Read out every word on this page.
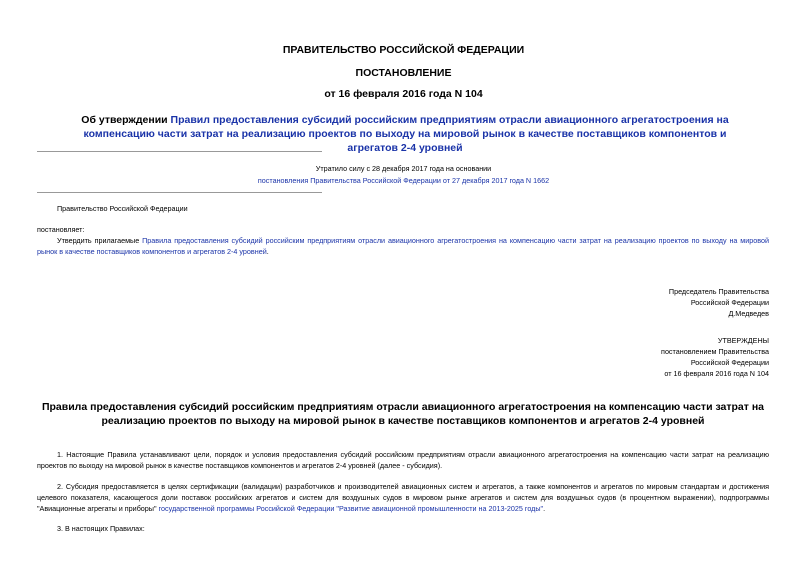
ПРАВИТЕЛЬСТВО РОССИЙСКОЙ ФЕДЕРАЦИИ
ПОСТАНОВЛЕНИЕ
от 16 февраля 2016 года N 104
Об утверждении Правил предоставления субсидий российским предприятиям отрасли авиационного агрегатостроения на компенсацию части затрат на реализацию проектов по выходу на мировой рынок в качестве поставщиков компонентов и агрегатов 2-4 уровней
Утратило силу с 28 декабря 2017 года на основании
постановления Правительства Российской Федерации от 27 декабря 2017 года N 1662
Правительство Российской Федерации
постановляет:
Утвердить прилагаемые Правила предоставления субсидий российским предприятиям отрасли авиационного агрегатостроения на компенсацию части затрат на реализацию проектов по выходу на мировой рынок в качестве поставщиков компонентов и агрегатов 2-4 уровней.
Председатель Правительства
Российской Федерации
Д.Медведев
УТВЕРЖДЕНЫ
постановлением Правительства
Российской Федерации
от 16 февраля 2016 года N 104
Правила предоставления субсидий российским предприятиям отрасли авиационного агрегатостроения на компенсацию части затрат на реализацию проектов по выходу на мировой рынок в качестве поставщиков компонентов и агрегатов 2-4 уровней
1. Настоящие Правила устанавливают цели, порядок и условия предоставления субсидий российским предприятиям отрасли авиационного агрегатостроения на компенсацию части затрат на реализацию проектов по выходу на мировой рынок в качестве поставщиков компонентов и агрегатов 2-4 уровней (далее - субсидия).
2. Субсидия предоставляется в целях сертификации (валидации) разработчиков и производителей авиационных систем и агрегатов, а также компонентов и агрегатов по мировым стандартам и достижения целевого показателя, касающегося доли поставок российских агрегатов и систем для воздушных судов в мировом рынке агрегатов и систем для воздушных судов (в процентном выражении), подпрограммы "Авиационные агрегаты и приборы" государственной программы Российской Федерации "Развитие авиационной промышленности на 2013-2025 годы".
3. В настоящих Правилах:
